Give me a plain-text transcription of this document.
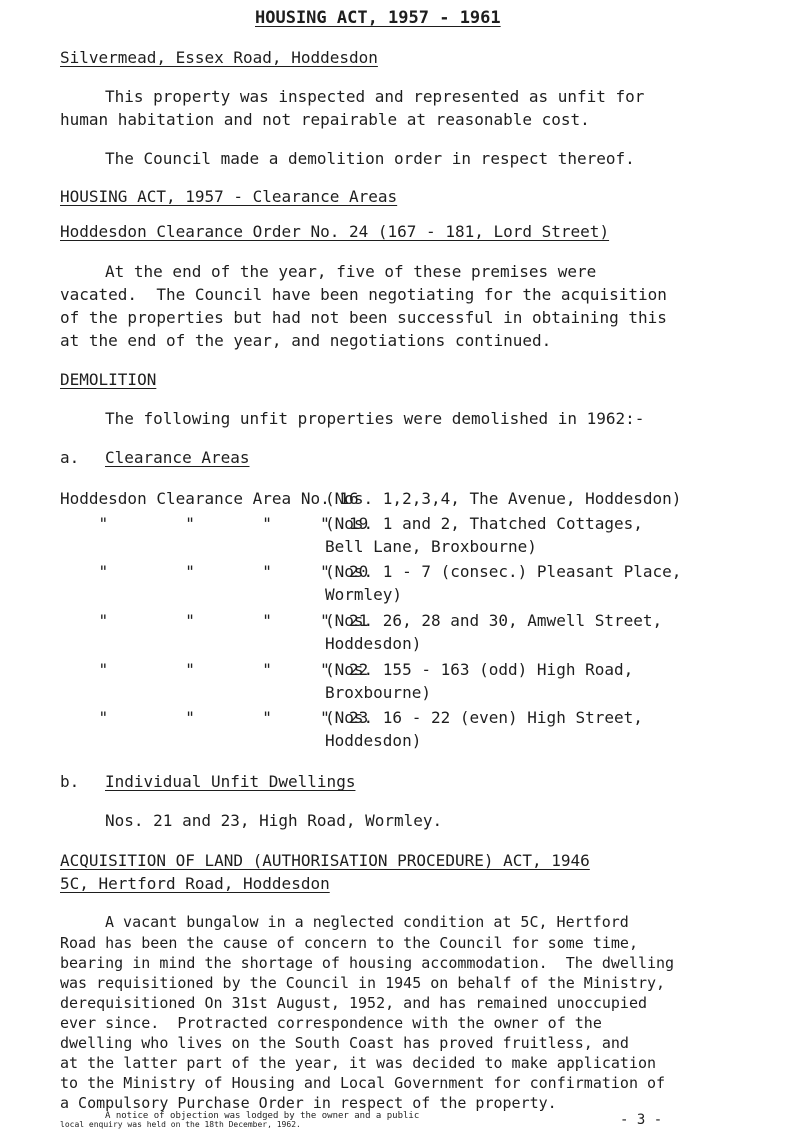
HOUSING ACT, 1957 - 1961
Silvermead, Essex Road, Hoddesdon
This property was inspected and represented as unfit for
human habitation and not repairable at reasonable cost.
The Council made a demolition order in respect thereof.
HOUSING ACT, 1957 - Clearance Areas
Hoddesdon Clearance Order No. 24 (167 - 181, Lord Street)
At the end of the year, five of these premises were
vacated.  The Council have been negotiating for the acquisition
of the properties but had not been successful in obtaining this
at the end of the year, and negotiations continued.
DEMOLITION
The following unfit properties were demolished in 1962:-
a. Clearance Areas
Hoddesdon Clearance Area No. 16
(Nos. 1,2,3,4, The Avenue, Hoddesdon)
"        "       "     "  19
(Nos. 1 and 2, Thatched Cottages,
Bell Lane, Broxbourne)
"        "       "     "  20
(Nos. 1 - 7 (consec.) Pleasant Place,
Wormley)
"        "       "     "  21
(Nos. 26, 28 and 30, Amwell Street,
Hoddesdon)
"        "       "     "  22
(Nos. 155 - 163 (odd) High Road,
Broxbourne)
"        "       "     "  23
(Nos. 16 - 22 (even) High Street,
Hoddesdon)
b. Individual Unfit Dwellings
Nos. 21 and 23, High Road, Wormley.
ACQUISITION OF LAND (AUTHORISATION PROCEDURE) ACT, 1946
5C, Hertford Road, Hoddesdon
A vacant bungalow in a neglected condition at 5C, Hertford
Road has been the cause of concern to the Council for some time,
bearing in mind the shortage of housing accommodation.  The dwelling
was requisitioned by the Council in 1945 on behalf of the Ministry,
derequisitioned On 31st August, 1952, and has remained unoccupied
ever since.  Protracted correspondence with the owner of the
dwelling who lives on the South Coast has proved fruitless, and
at the latter part of the year, it was decided to make application
to the Ministry of Housing and Local Government for confirmation of
a Compulsory Purchase Order in respect of the property.
A notice of objection was lodged by the owner and a public
local enquiry was held on the 18th December, 1962.	- 3 -
